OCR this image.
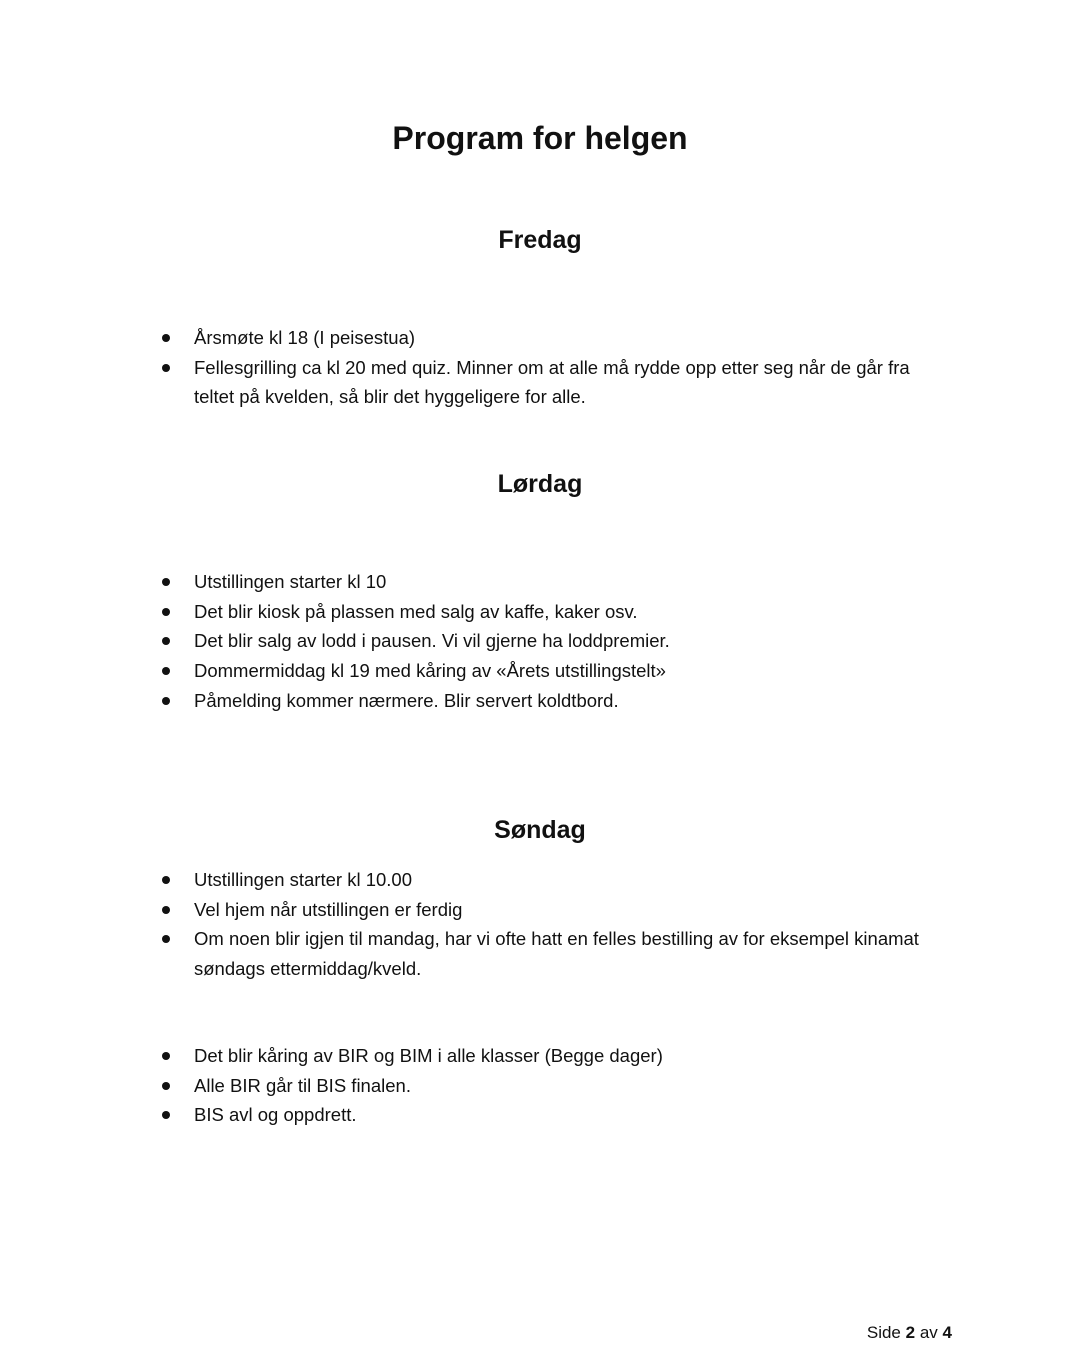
Program for helgen
Fredag
Årsmøte kl 18 (I peisestua)
Fellesgrilling ca kl 20 med quiz. Minner om at alle må rydde opp etter seg når de går fra teltet på kvelden, så blir det hyggeligere for alle.
Lørdag
Utstillingen starter kl 10
Det blir kiosk på plassen med salg av kaffe, kaker osv.
Det blir salg av lodd i pausen. Vi vil gjerne ha loddpremier.
Dommermiddag kl 19 med kåring av «Årets utstillingstelt»
Påmelding kommer nærmere. Blir servert koldtbord.
Søndag
Utstillingen starter kl 10.00
Vel hjem når utstillingen er ferdig
Om noen blir igjen til mandag, har vi ofte hatt en felles bestilling av for eksempel kinamat søndags ettermiddag/kveld.
Det blir kåring av BIR og BIM i alle klasser (Begge dager)
Alle BIR går til BIS finalen.
BIS avl og oppdrett.
Side 2 av 4
